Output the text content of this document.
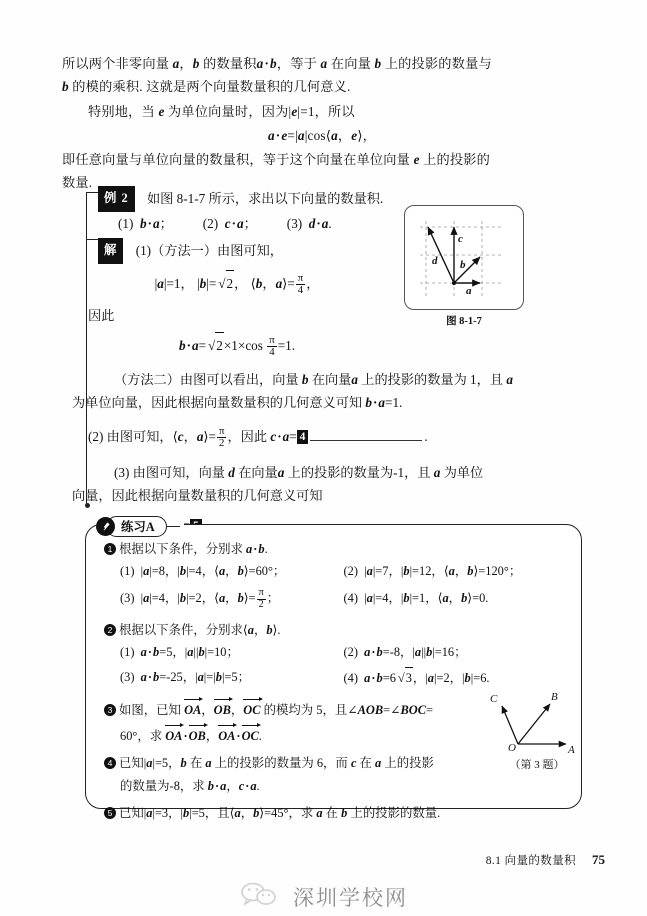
所以两个非零向量 a，b 的数量积a·b，等于 a 在向量 b 上的投影的数量与
b 的模的乘积. 这就是两个向量数量积的几何意义.
特别地，当 e 为单位向量时，因为|e|=1，所以
a·e=|a|cos⟨a，e⟩，
即任意向量与单位向量的数量积，等于这个向量在单位向量 e 上的投影的
数量.
例 2 如图 8-1-7 所示，求出以下向量的数量积.
(1)  b·a； (2)  c·a； (3)  d·a.
解 (1)（方法一）由图可知，
|a|=1， |b|= √ 2， ⟨b，a⟩= $\frac{\pi}{4}$ ，
因此
b·a= √ $2\times 1\times\cos \frac{\pi}{4} =1$.
（方法二）由图可以看出，向量 b 在向量a 上的投影的数量为 1，且 a
为单位向量，因此根据向量数量积的几何意义可知 b·a=1.
(2) 由图可知，⟨c，a⟩= $\frac{\pi}{2}$ ，因此 c·a= 4	.
(3) 由图可知，向量 d 在向量a 上的投影的数量为-1，且 a 为单位
向量，因此根据向量数量积的几何意义可知
a
b
c
d
图 8-1-7
1 根据以下条件，分别求 a·b.
(1)  |a|=8，|b|=4，⟨a，b⟩=60°；	(2)  |a|=7，|b|=12，⟨a，b⟩=120°；
(3)  |a|=4，|b|=2，⟨a，b⟩= $\frac{\pi}{2}$ ；	(4)  |a|=4，|b|=1，⟨a，b⟩=0.
2 根据以下条件，分别求⟨a，b⟩.
(1)  a·b=5，|a||b|=10；	(2)  a·b=-8，|a||b|=16；
(3)  a·b=-25，|a|=|b|=5；	(4)  a·b=6 √ 3，|a|=2，|b|=6.
3 如图，已知
OA，
OB，
OC 的模均为 5，且∠AOB=∠BOC=
60°，求
OA·
OB，
OA·
OC.
4 已知|a|=5，b 在 a 上的投影的数量为 6，而 c 在 a 上的投影
的数量为-8，求 b·a，c·a.
5 已知|a|=3，|b|=5，且⟨a，b⟩=45°，求 a 在 b 上的投影的数量.
练习A
O	A
B
C
（第 3 题）
8.1 向量的数量积 75
深圳学校网
